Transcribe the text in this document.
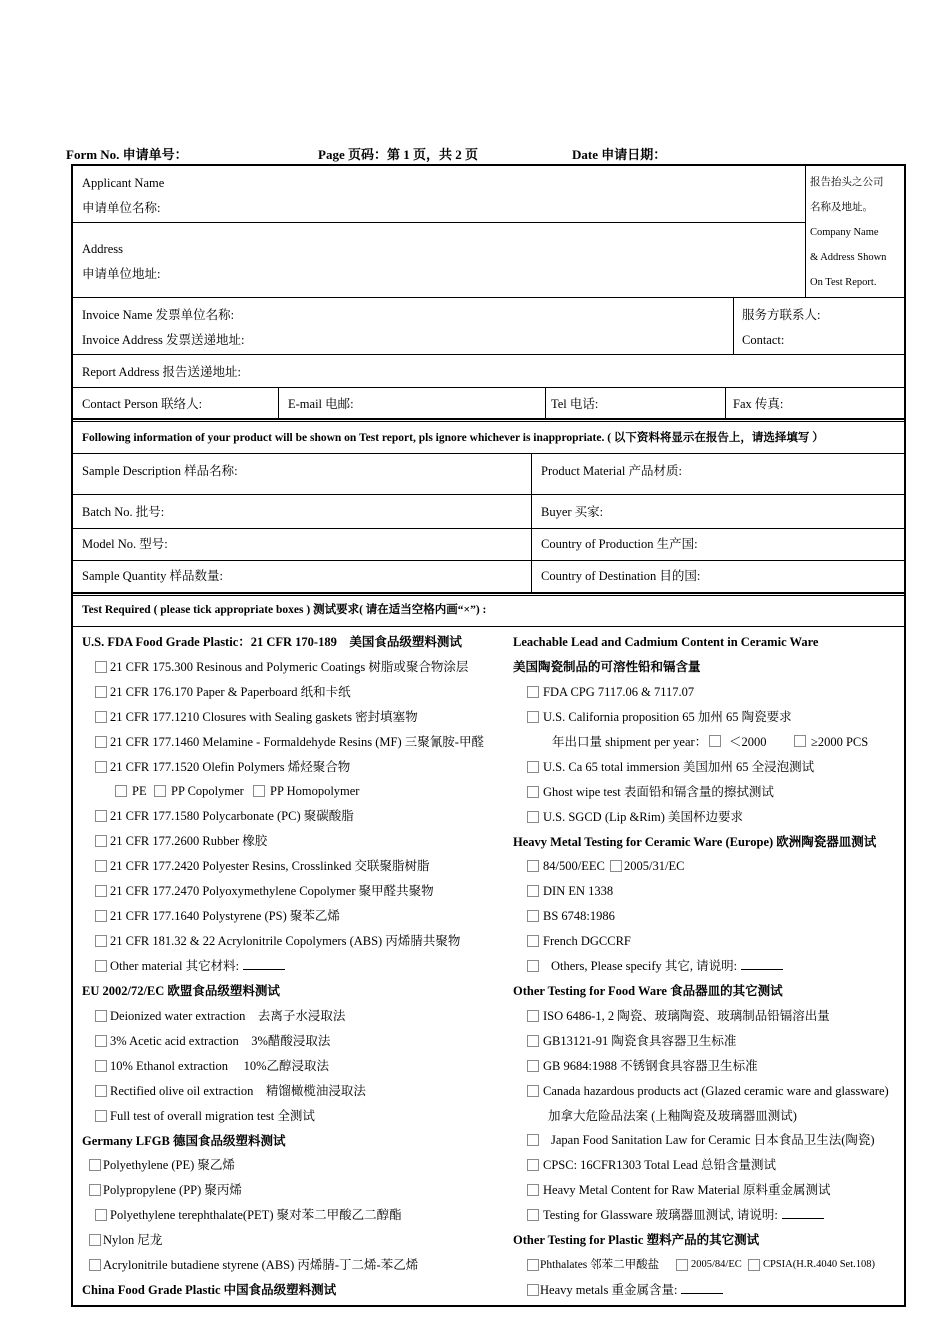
Form No. 申请单号：	Page 页码：第 1 页，共 2 页	Date 申请日期：
Applicant Name
申请单位名称:
Address
申请单位地址:
报告抬头之公司
名称及地址。
Company Name
& Address Shown
On Test Report.
Invoice Name 发票单位名称:
Invoice Address 发票送递地址:
服务方联系人:
Contact:
Report Address 报告送递地址:
Contact Person 联络人:	E-mail 电邮:	Tel 电话:	Fax 传真:
Following information of your product will be shown on Test report, pls ignore whichever is inappropriate. ( 以下资料将显示在报告上，请选择填写 ）
Sample Description 样品名称:	Product Material 产品材质:
Batch No. 批号:	Buyer 买家:
Model No. 型号:	Country of Production 生产国:
Sample Quantity 样品数量:	Country of Destination 目的国:
Test Required ( please tick appropriate boxes ) 测试要求( 请在适当空格内画“×”) :
U.S. FDA Food Grade Plastic：21 CFR 170-189　美国食品级塑料测试
21 CFR 175.300 Resinous and Polymeric Coatings 树脂或聚合物涂层
21 CFR 176.170 Paper & Paperboard 纸和卡纸
21 CFR 177.1210 Closures with Sealing gaskets 密封填塞物
21 CFR 177.1460 Melamine - Formaldehyde Resins (MF) 三聚氰胺-甲醛
21 CFR 177.1520 Olefin Polymers 烯烃聚合物
PE PP Copolymer PP Homopolymer
21 CFR 177.1580 Polycarbonate (PC) 聚碳酸脂
21 CFR 177.2600 Rubber 橡胶
21 CFR 177.2420 Polyester Resins, Crosslinked 交联聚脂树脂
21 CFR 177.2470 Polyoxymethylene Copolymer 聚甲醛共聚物
21 CFR 177.1640 Polystyrene (PS) 聚苯乙烯
21 CFR 181.32 & 22 Acrylonitrile Copolymers (ABS) 丙烯腈共聚物
Other material 其它材料:
EU 2002/72/EC 欧盟食品级塑料测试
Deionized water extraction　去离子水浸取法
3% Acetic acid extraction　3%醋酸浸取法
10% Ethanol extraction　 10%乙醇浸取法
Rectified olive oil extraction　精馏橄榄油浸取法
Full test of overall migration test 全测试
Germany LFGB 德国食品级塑料测试
Polyethylene (PE) 聚乙烯
Polypropylene (PP) 聚丙烯
Polyethylene terephthalate(PET) 聚对苯二甲酸乙二醇酯
Nylon 尼龙
Acrylonitrile butadiene styrene (ABS) 丙烯腈-丁二烯-苯乙烯
China Food Grade Plastic 中国食品级塑料测试
Leachable Lead and Cadmium Content in Ceramic Ware
美国陶瓷制品的可溶性铅和镉含量
FDA CPG 7117.06 & 7117.07
U.S. California proposition 65 加州 65 陶瓷要求
年出口量 shipment per year： ＜2000	≥2000 PCS
U.S. Ca 65 total immersion 美国加州 65 全浸泡测试
Ghost wipe test 表面铅和镉含量的擦拭测试
U.S. SGCD (Lip &Rim) 美国杯边要求
Heavy Metal Testing for Ceramic Ware (Europe) 欧洲陶瓷器皿测试
84/500/EEC 2005/31/EC
DIN EN 1338
BS 6748:1986
French DGCCRF
Others, Please specify 其它, 请说明:
Other Testing for Food Ware 食品器皿的其它测试
ISO 6486-1, 2 陶瓷、玻璃陶瓷、玻璃制品铅镉溶出量
GB13121-91 陶瓷食具容器卫生标准
GB 9684:1988 不锈钢食具容器卫生标准
Canada hazardous products act (Glazed ceramic ware and glassware)
加拿大危险品法案 (上釉陶瓷及玻璃器皿测试)
Japan Food Sanitation Law for Ceramic 日本食品卫生法(陶瓷)
CPSC: 16CFR1303 Total Lead 总铅含量测试
Heavy Metal Content for Raw Material 原料重金属测试
Testing for Glassware 玻璃器皿测试, 请说明:
Other Testing for Plastic 塑料产品的其它测试
Phthalates 邻苯二甲酸盐	2005/84/EC CPSIA(H.R.4040 Set.108)
Heavy metals 重金属含量:
